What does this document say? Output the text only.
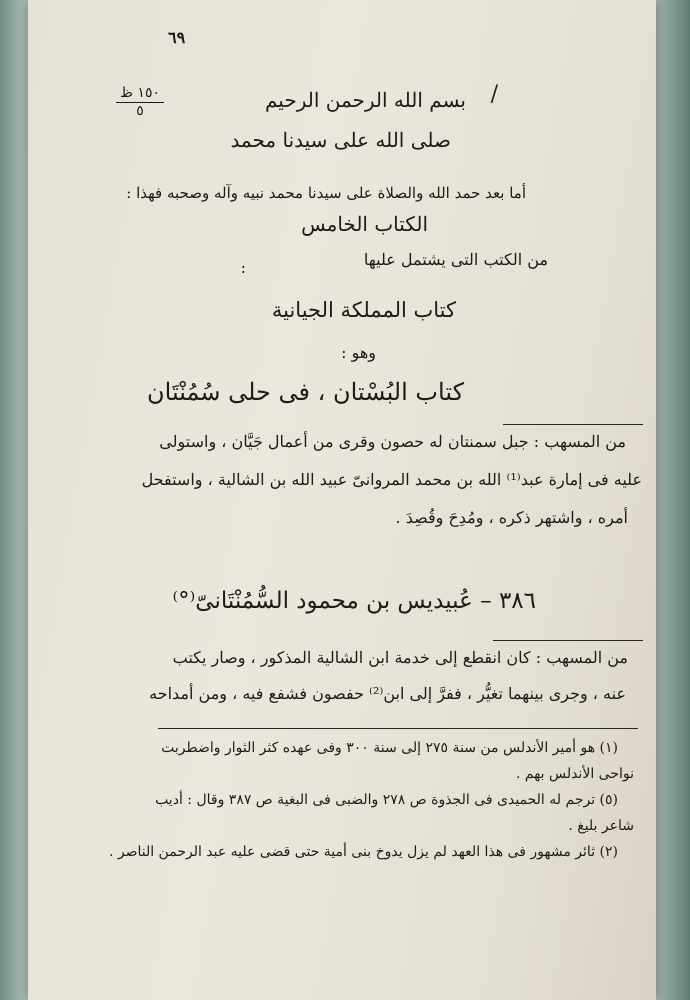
٦٩
١٥٠ ظ
٥
/
بسم الله الرحمن الرحيم
صلى الله على سيدنا محمد
أما بعد حمد الله والصلاة على سيدنا محمد نبيه وآله وصحبه فهذا :
الكتاب الخامس
من الكتب التى يشتمل عليها
:
كتاب المملكة الجيانية
وهو :
كتاب البُسْتان ، فى حلى سُمُنْتَان
من المسهب : جبل سمنتان له حصون وقرى من أعمال جَيَّان ، واستولى
عليه فى إمارة عبد⁽¹⁾ الله بن محمد المروانىّ عبيد الله بن الشالية ، واستفحل
أمره ، واشتهر ذكره ، ومُدِحَ وقُصِدَ .
٣٨٦ – عُبيديس بن محمود السُّمُنْتَانىّ⁽°⁾
من المسهب : كان انقطع إلى خدمة ابن الشالية المذكور ، وصار يكتب
عنه ، وجرى بينهما تغيُّر ، ففرَّ إلى ابن⁽²⁾ حفصون فشفع فيه ، ومن أمداحه
(١) هو أمير الأندلس من سنة ٢٧٥ إلى سنة ٣٠٠ وفى عهده كثر الثوار واضطربت
نواحى الأندلس بهم .
(٥) ترجم له الحميدى فى الجذوة ص ٢٧٨ والضبى فى البغية ص ٣٨٧ وقال : أديب
شاعر بليغ .
(٢) ثائر مشهور فى هذا العهد لم يزل يدوخ بنى أمية حتى قضى عليه عبد الرحمن الناصر .
